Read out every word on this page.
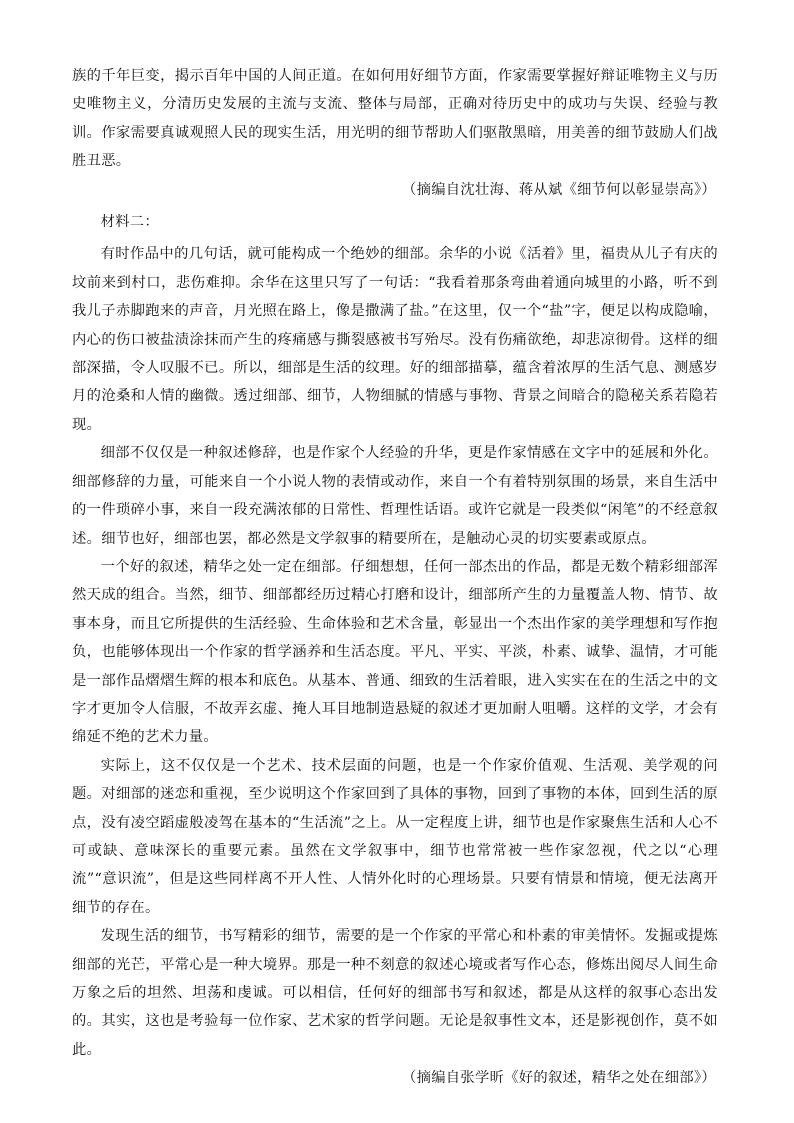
族的千年巨变，揭示百年中国的人间正道。在如何用好细节方面，作家需要掌握好辩证唯物主义与历史唯物主义，分清历史发展的主流与支流、整体与局部，正确对待历史中的成功与失误、经验与教训。作家需要真诚观照人民的现实生活，用光明的细节帮助人们驱散黑暗，用美善的细节鼓励人们战胜丑恶。

（摘编自沈壮海、蒋从斌《细节何以彰显崇高》）

材料二：

有时作品中的几句话，就可能构成一个绝妙的细部。余华的小说《活着》里，福贵从儿子有庆的坟前来到村口，悲伤难抑。余华在这里只写了一句话：“我看着那条弯曲着通向城里的小路，听不到我儿子赤脚跑来的声音，月光照在路上，像是撒满了盐。”在这里，仅一个“盐”字，便足以构成隐喻，内心的伤口被盐渍涂抹而产生的疼痛感与撕裂感被书写殆尽。没有伤痛欲绝，却悲凉彻骨。这样的细部深描，令人叹服不已。所以，细部是生活的纹理。好的细部描摹，蕴含着浓厚的生活气息、测感岁月的沧桑和人情的幽微。透过细部、细节，人物细腻的情感与事物、背景之间暗合的隐秘关系若隐若现。

细部不仅仅是一种叙述修辞，也是作家个人经验的升华，更是作家情感在文字中的延展和外化。细部修辞的力量，可能来自一个小说人物的表情或动作，来自一个有着特别氛围的场景，来自生活中的一件琐碎小事，来自一段充满浓郁的日常性、哲理性话语。或许它就是一段类似“闲笔”的不经意叙述。细节也好，细部也罢，都必然是文学叙事的精要所在，是触动心灵的切实要素或原点。

一个好的叙述，精华之处一定在细部。仔细想想，任何一部杰出的作品，都是无数个精彩细部浑然天成的组合。当然，细节、细部都经历过精心打磨和设计，细部所产生的力量覆盖人物、情节、故事本身，而且它所提供的生活经验、生命体验和艺术含量，彰显出一个杰出作家的美学理想和写作抱负，也能够体现出一个作家的哲学涵养和生活态度。平凡、平实、平淡，朴素、诚挚、温情，才可能是一部作品熠熠生辉的根本和底色。从基本、普通、细致的生活着眼，进入实实在在的生活之中的文字才更加令人信服，不故弄玄虚、掩人耳目地制造悬疑的叙述才更加耐人咀嚼。这样的文学，才会有绵延不绝的艺术力量。

实际上，这不仅仅是一个艺术、技术层面的问题，也是一个作家价值观、生活观、美学观的问题。对细部的迷恋和重视，至少说明这个作家回到了具体的事物，回到了事物的本体，回到生活的原点，没有凌空蹈虚般凌驾在基本的“生活流”之上。从一定程度上讲，细节也是作家聚焦生活和人心不可或缺、意味深长的重要元素。虽然在文学叙事中，细节也常常被一些作家忽视，代之以“心理流”“意识流”，但是这些同样离不开人性、人情外化时的心理场景。只要有情景和情境，便无法离开细节的存在。

发现生活的细节，书写精彩的细节，需要的是一个作家的平常心和朴素的审美情怀。发掘或提炼细部的光芒，平常心是一种大境界。那是一种不刻意的叙述心境或者写作心态，修炼出阅尽人间生命万象之后的坦然、坦荡和虔诚。可以相信，任何好的细部书写和叙述，都是从这样的叙事心态出发的。其实，这也是考验每一位作家、艺术家的哲学问题。无论是叙事性文本，还是影视创作，莫不如此。

（摘编自张学昕《好的叙述，精华之处在细部》）
